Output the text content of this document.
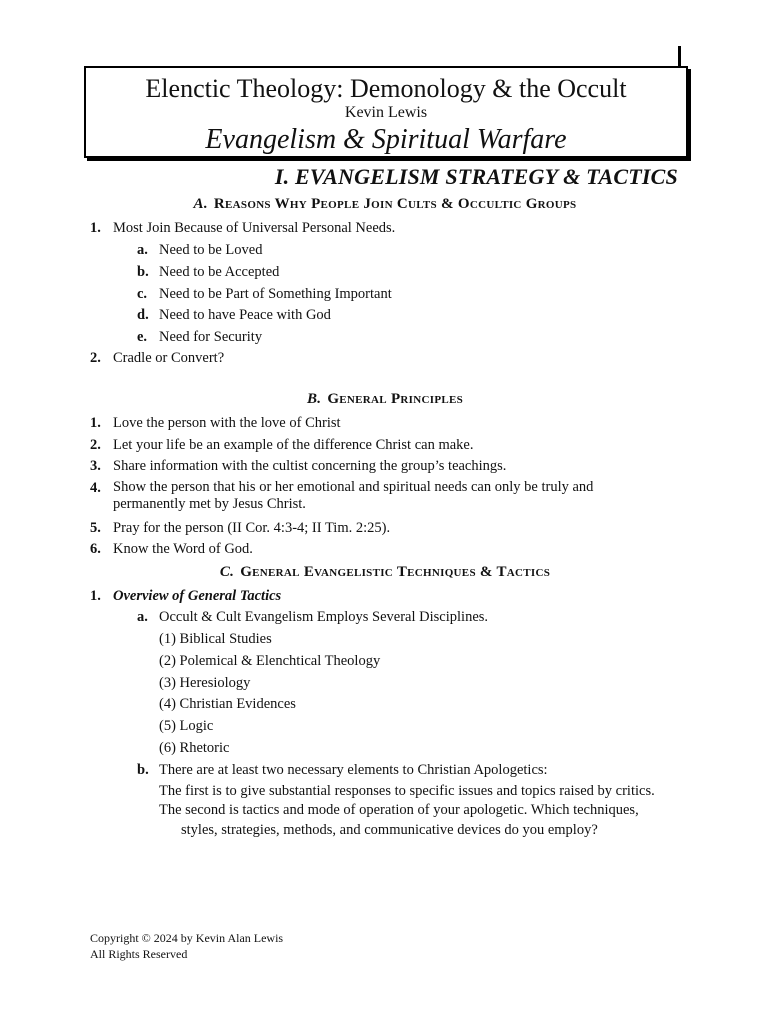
Elenctic Theology: Demonology & the Occult
Kevin Lewis
Evangelism & Spiritual Warfare
I. EVANGELISM STRATEGY & TACTICS
A. Reasons Why People Join Cults & Occultic Groups
1. Most Join Because of Universal Personal Needs.
a. Need to be Loved
b. Need to be Accepted
c. Need to be Part of Something Important
d. Need to have Peace with God
e. Need for Security
2. Cradle or Convert?
B. General Principles
1. Love the person with the love of Christ
2. Let your life be an example of the difference Christ can make.
3. Share information with the cultist concerning the group’s teachings.
4. Show the person that his or her emotional and spiritual needs can only be truly and permanently met by Jesus Christ.
5. Pray for the person (II Cor. 4:3-4; II Tim. 2:25).
6. Know the Word of God.
C. General Evangelistic Techniques & Tactics
1. Overview of General Tactics
a. Occult & Cult Evangelism Employs Several Disciplines.
(1) Biblical Studies
(2) Polemical & Elenchtical Theology
(3) Heresiology
(4) Christian Evidences
(5) Logic
(6) Rhetoric
b. There are at least two necessary elements to Christian Apologetics:
The first is to give substantial responses to specific issues and topics raised by critics.
The second is tactics and mode of operation of your apologetic. Which techniques,
styles, strategies, methods, and communicative devices do you employ?
Copyright © 2024 by Kevin Alan Lewis
All Rights Reserved
